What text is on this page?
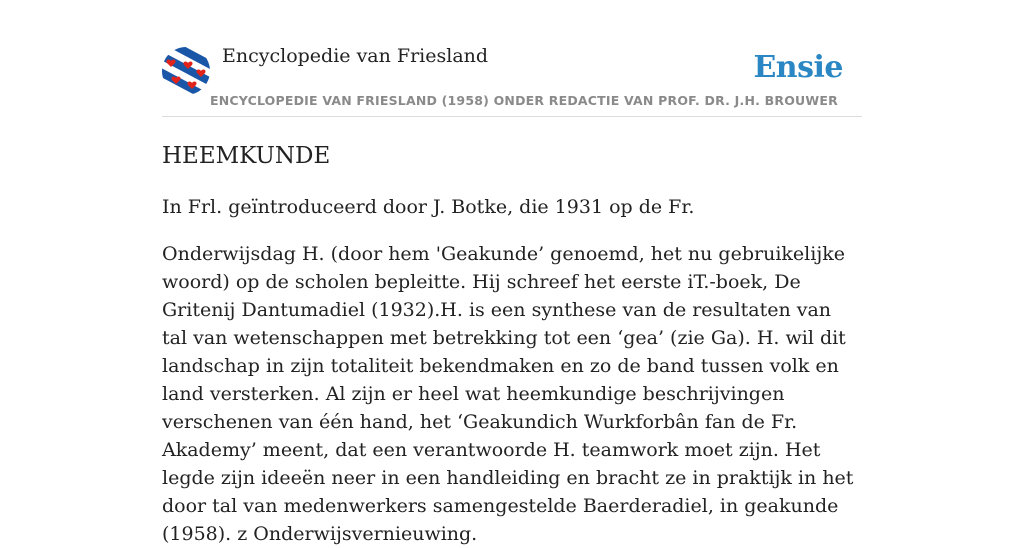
Encyclopedie van Friesland
ENCYCLOPEDIE VAN FRIESLAND (1958) ONDER REDACTIE VAN PROF. DR. J.H. BROUWER
Ensie
HEEMKUNDE

In Frl. geïntroduceerd door J. Botke, die 1931 op de Fr.

Onderwijsdag H. (door hem 'Geakunde’ genoemd, het nu gebruikelijke woord) op de scholen bepleitte. Hij schreef het eerste iT.-boek, De Gritenij Dantumadiel (1932).H. is een synthese van de resultaten van tal van wetenschappen met betrekking tot een ‘gea’ (zie Ga). H. wil dit landschap in zijn totaliteit bekendmaken en zo de band tussen volk en land versterken. Al zijn er heel wat heemkundige beschrijvingen verschenen van één hand, het ‘Geakundich Wurkforbân fan de Fr. Akademy’ meent, dat een verantwoorde H. teamwork moet zijn. Het legde zijn ideeën neer in een handleiding en bracht ze in praktijk in het door tal van medenwerkers samengestelde Baerderadiel, in geakunde (1958). z Onderwijsvernieuwing.
